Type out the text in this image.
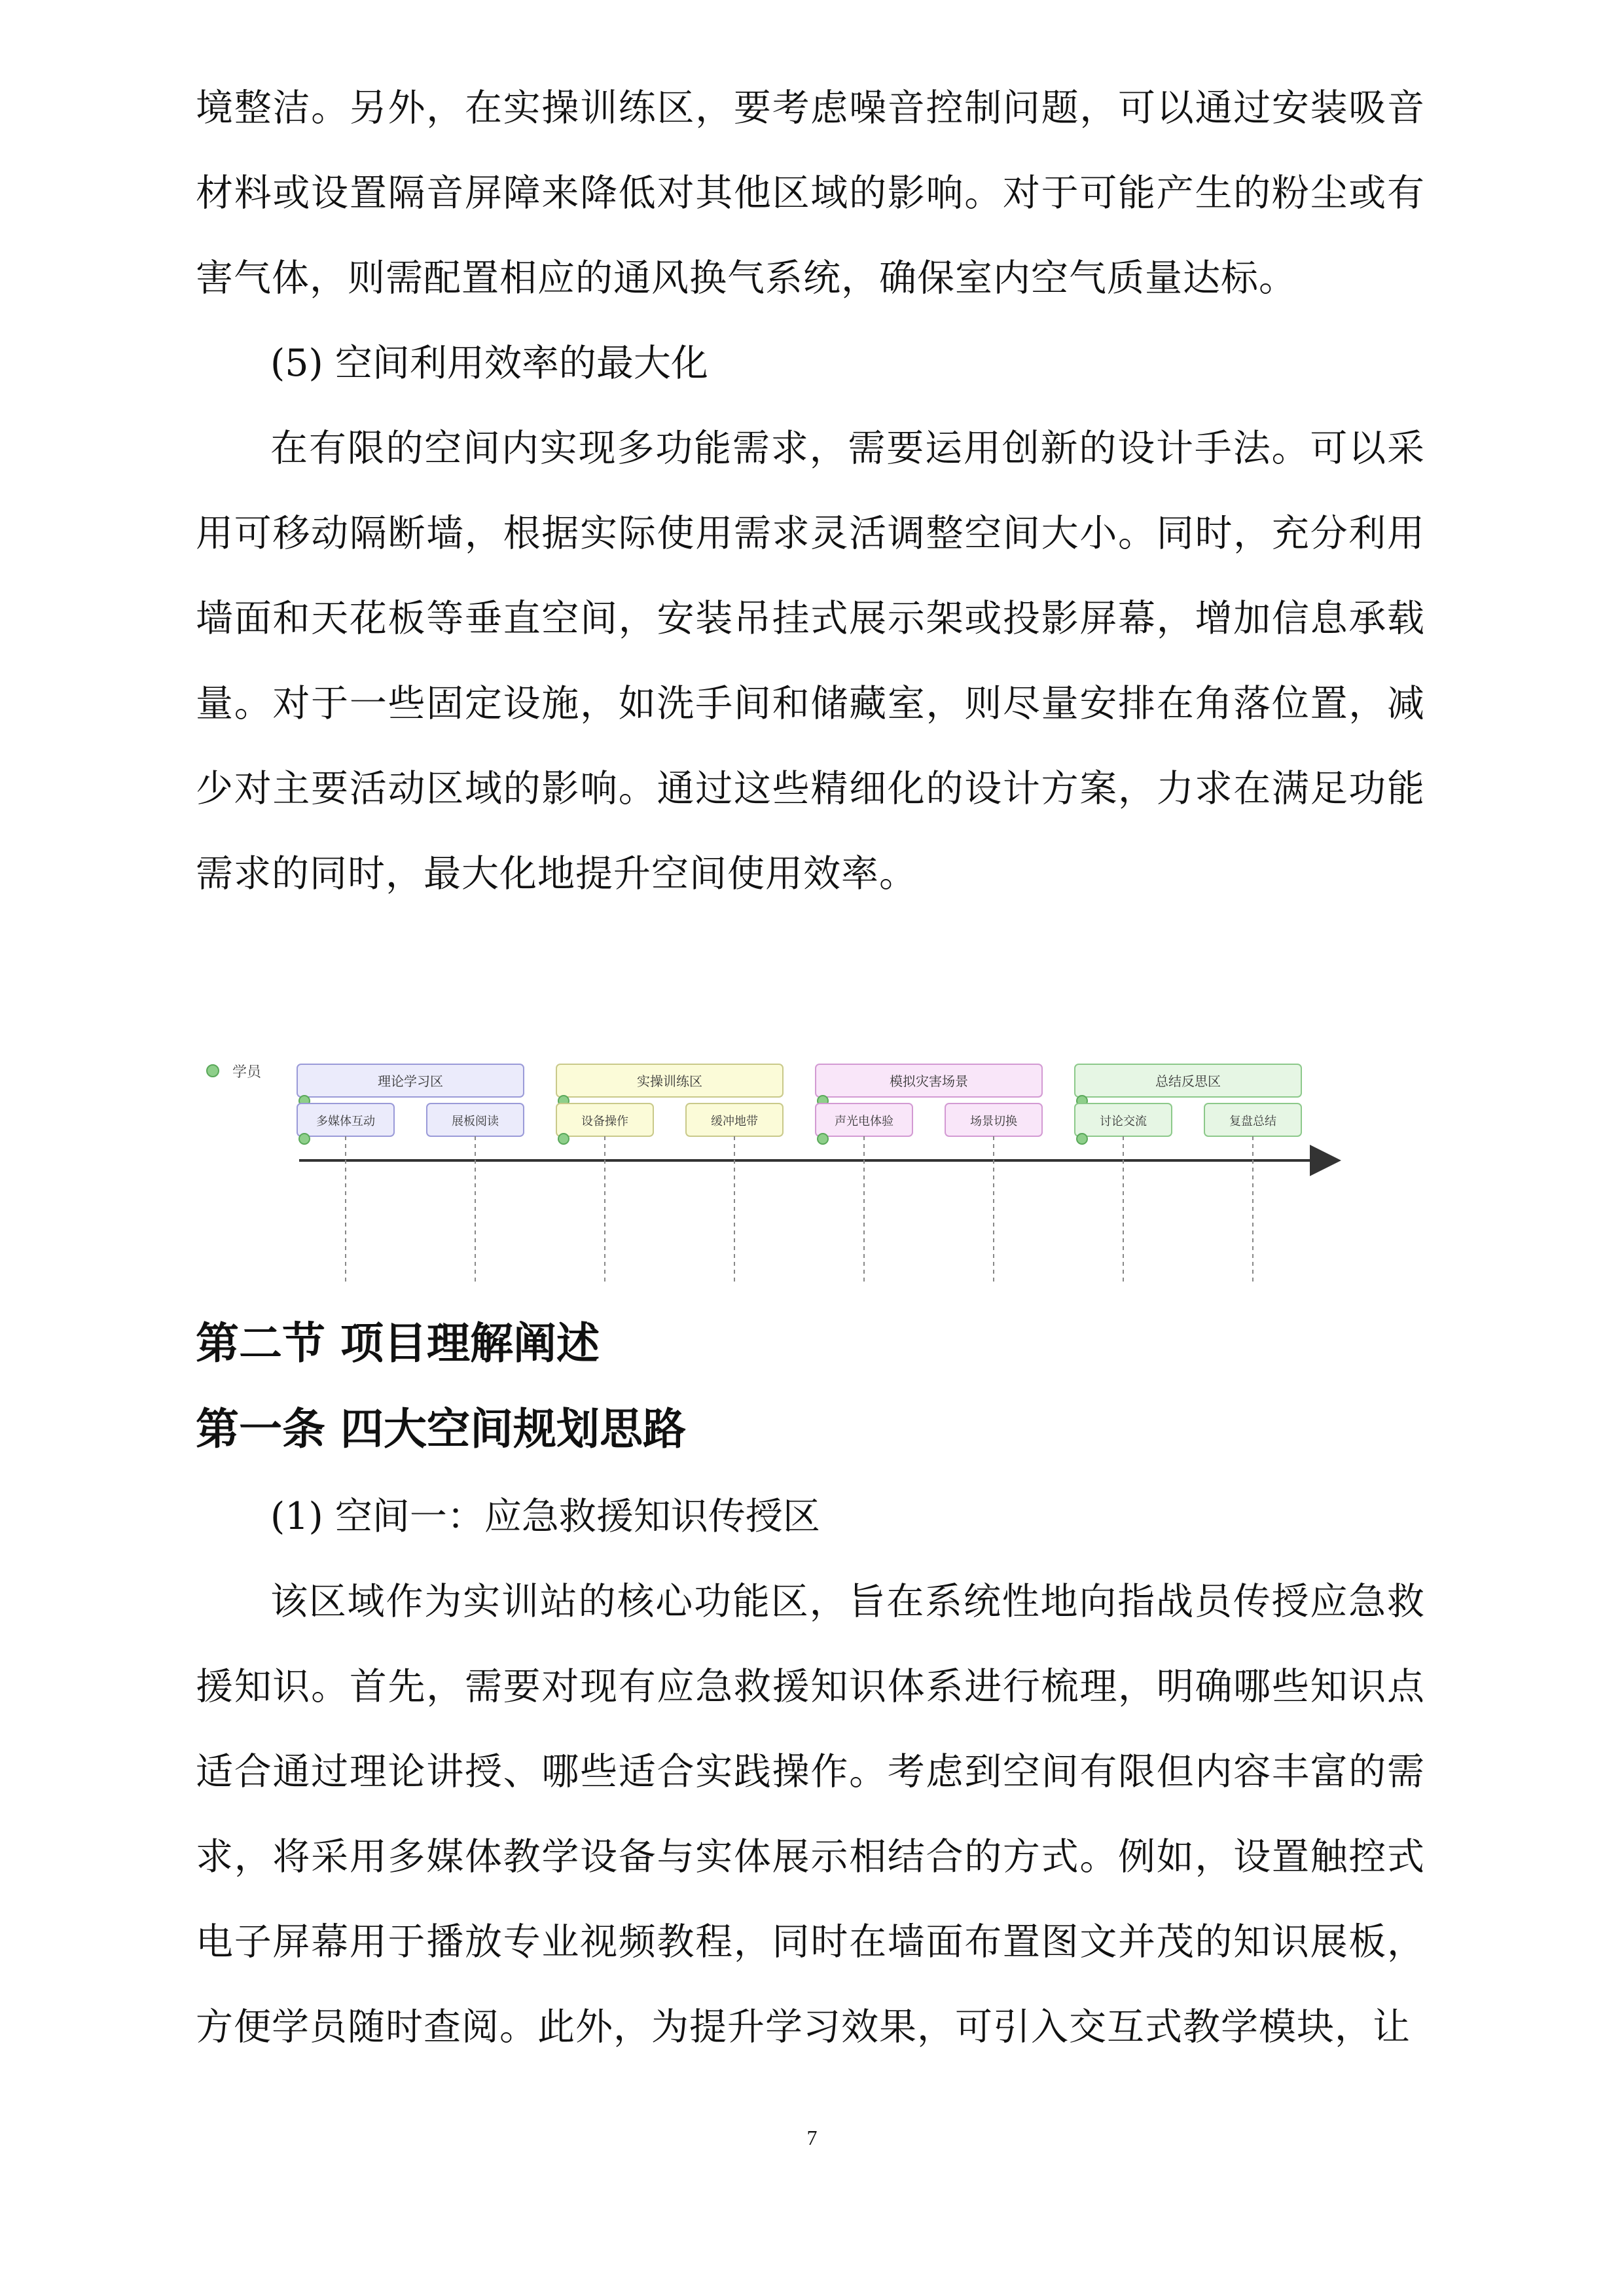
境整洁。另外，在实操训练区，要考虑噪音控制问题，可以通过安装吸音材料或设置隔音屏障来降低对其他区域的影响。对于可能产生的粉尘或有害气体，则需配置相应的通风换气系统，确保室内空气质量达标。

(5) 空间利用效率的最大化

在有限的空间内实现多功能需求，需要运用创新的设计手法。可以采用可移动隔断墙，根据实际使用需求灵活调整空间大小。同时，充分利用墙面和天花板等垂直空间，安装吊挂式展示架或投影屏幕，增加信息承载量。对于一些固定设施，如洗手间和储藏室，则尽量安排在角落位置，减少对主要活动区域的影响。通过这些精细化的设计方案，力求在满足功能需求的同时，最大化地提升空间使用效率。

学员
理论学习区
多媒体互动	展板阅读
实操训练区
设备操作	缓冲地带
模拟灾害场景
声光电体验	场景切换
总结反思区
讨论交流	复盘总结
第二节 项目理解阐述
第一条 四大空间规划思路

(1) 空间一：应急救援知识传授区

该区域作为实训站的核心功能区，旨在系统性地向指战员传授应急救援知识。首先，需要对现有应急救援知识体系进行梳理，明确哪些知识点适合通过理论讲授、哪些适合实践操作。考虑到空间有限但内容丰富的需求，将采用多媒体教学设备与实体展示相结合的方式。例如，设置触控式电子屏幕用于播放专业视频教程，同时在墙面布置图文并茂的知识展板，方便学员随时查阅。此外，为提升学习效果，可引入交互式教学模块，让

7
